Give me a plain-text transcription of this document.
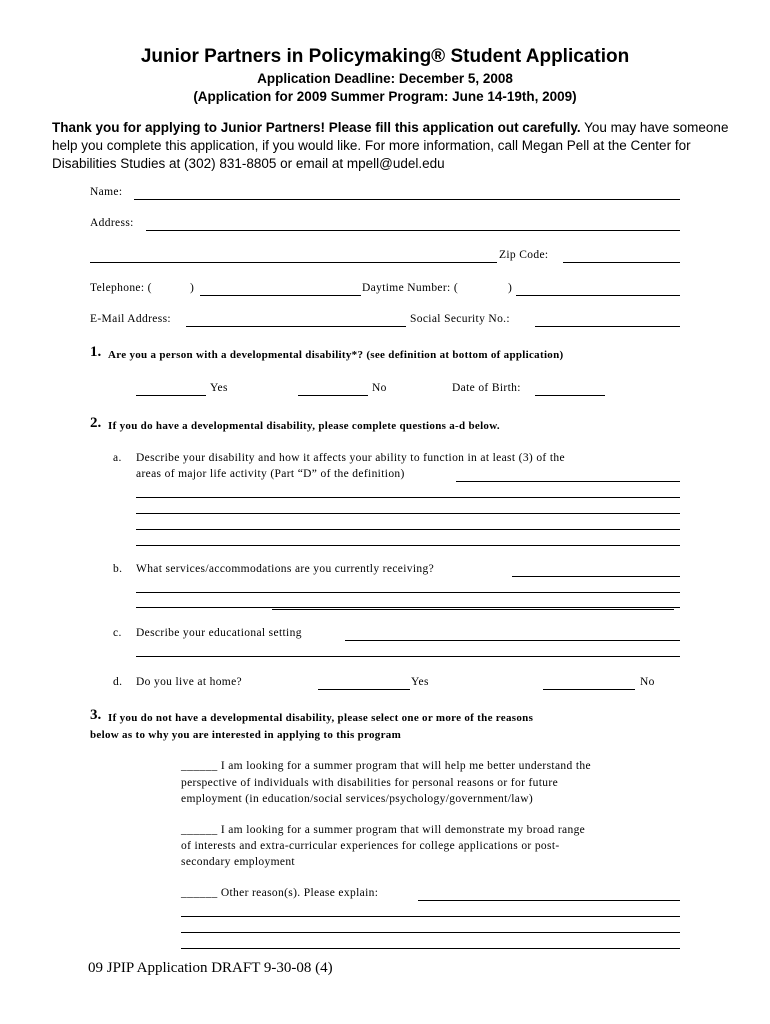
Junior Partners in Policymaking® Student Application
Application Deadline: December 5, 2008
(Application for 2009 Summer Program: June 14-19th, 2009)
Thank you for applying to Junior Partners! Please fill this application out carefully. You may have someone help you complete this application, if you would like. For more information, call Megan Pell at the Center for Disabilities Studies at (302) 831-8805 or email at mpell@udel.edu
Name:
Address:
Zip Code:
Telephone: (	)	Daytime Number: (	)
E-Mail Address:	Social Security No.:
1. Are you a person with a developmental disability*? (see definition at bottom of application)
Yes	No	Date of Birth:
2. If you do have a developmental disability, please complete questions a-d below.
a. Describe your disability and how it affects your ability to function in at least (3) of the
areas of major life activity (Part “D” of the definition)
b. What services/accommodations are you currently receiving?
c. Describe your educational setting
d. Do you live at home?	Yes	No
3. If you do not have a developmental disability, please select one or more of the reasons
below as to why you are interested in applying to this program
______ I am looking for a summer program that will help me better understand the
perspective of individuals with disabilities for personal reasons or for future
employment (in education/social services/psychology/government/law)
______ I am looking for a summer program that will demonstrate my broad range
of interests and extra-curricular experiences for college applications or post-
secondary employment
______ Other reason(s). Please explain:
09 JPIP Application DRAFT 9-30-08 (4)
